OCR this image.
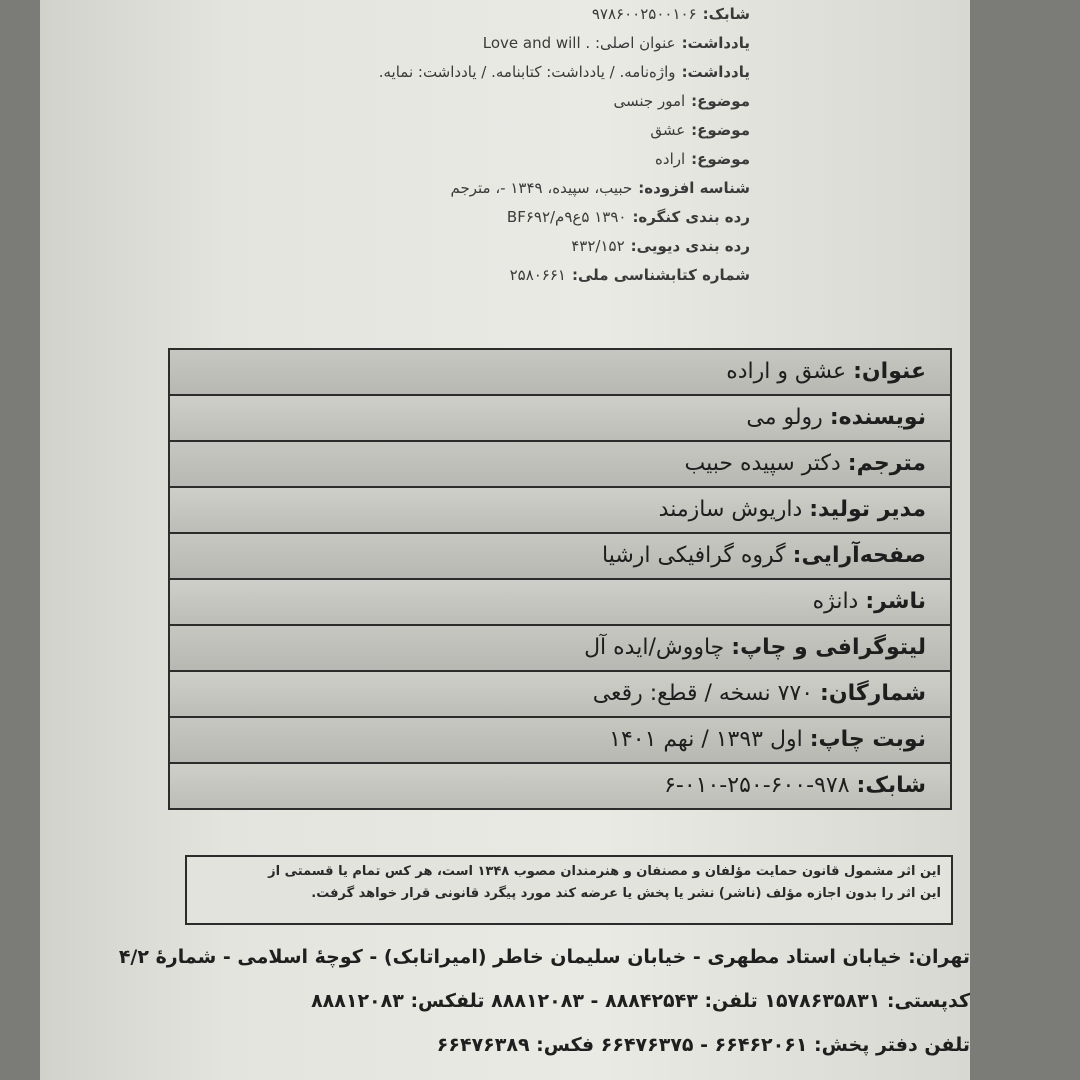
شابک:۹۷۸۶۰۰۲۵۰۰۱۰۶
یادداشت:عنوان اصلی: . Love and will
یادداشت:واژه‌نامه. / یادداشت: کتابنامه. / یادداشت: نمایه.
موضوع:امور جنسی
موضوع:عشق
موضوع:اراده
شناسه افزوده:حبیب، سپیده، ۱۳۴۹ -، مترجم
رده بندی کنگره:۱۳۹۰ ۵ع۹م/BF۶۹۲
رده بندی دیویی:۴۳۲/۱۵۲
شماره کتابشناسی ملی:۲۵۸۰۶۶۱
عنوان: عشق و اراده
نویسنده: رولو می
مترجم: دکتر سپیده حبیب
مدیر تولید: داریوش سازمند
صفحه‌آرایی: گروه گرافیکی ارشیا
ناشر: دانژه
لیتوگرافی و چاپ: چاووش/ایده آل
شمارگان: ۷۷۰ نسخه / قطع: رقعی
نوبت چاپ: اول ۱۳۹۳ / نهم ۱۴۰۱
شابک: ۹۷۸-۶۰۰-۲۵۰-۰۱۰-۶
این اثر مشمول قانون حمایت مؤلفان و مصنفان و هنرمندان مصوب ۱۳۴۸ است، هر کس تمام یا قسمتی از
این اثر را بدون اجازه مؤلف (ناشر) نشر یا پخش یا عرضه کند مورد پیگرد قانونی قرار خواهد گرفت.
تهران: خیابان استاد مطهری - خیابان سلیمان خاطر (امیراتابک) - کوچهٔ اسلامی - شمارهٔ ۴/۲
کدپستی: ۱۵۷۸۶۳۵۸۳۱ تلفن: ۸۸۸۴۲۵۴۳ - ۸۸۸۱۲۰۸۳ تلفکس: ۸۸۸۱۲۰۸۳
تلفن دفتر پخش: ۶۶۴۶۲۰۶۱ - ۶۶۴۷۶۳۷۵ فکس: ۶۶۴۷۶۳۸۹
